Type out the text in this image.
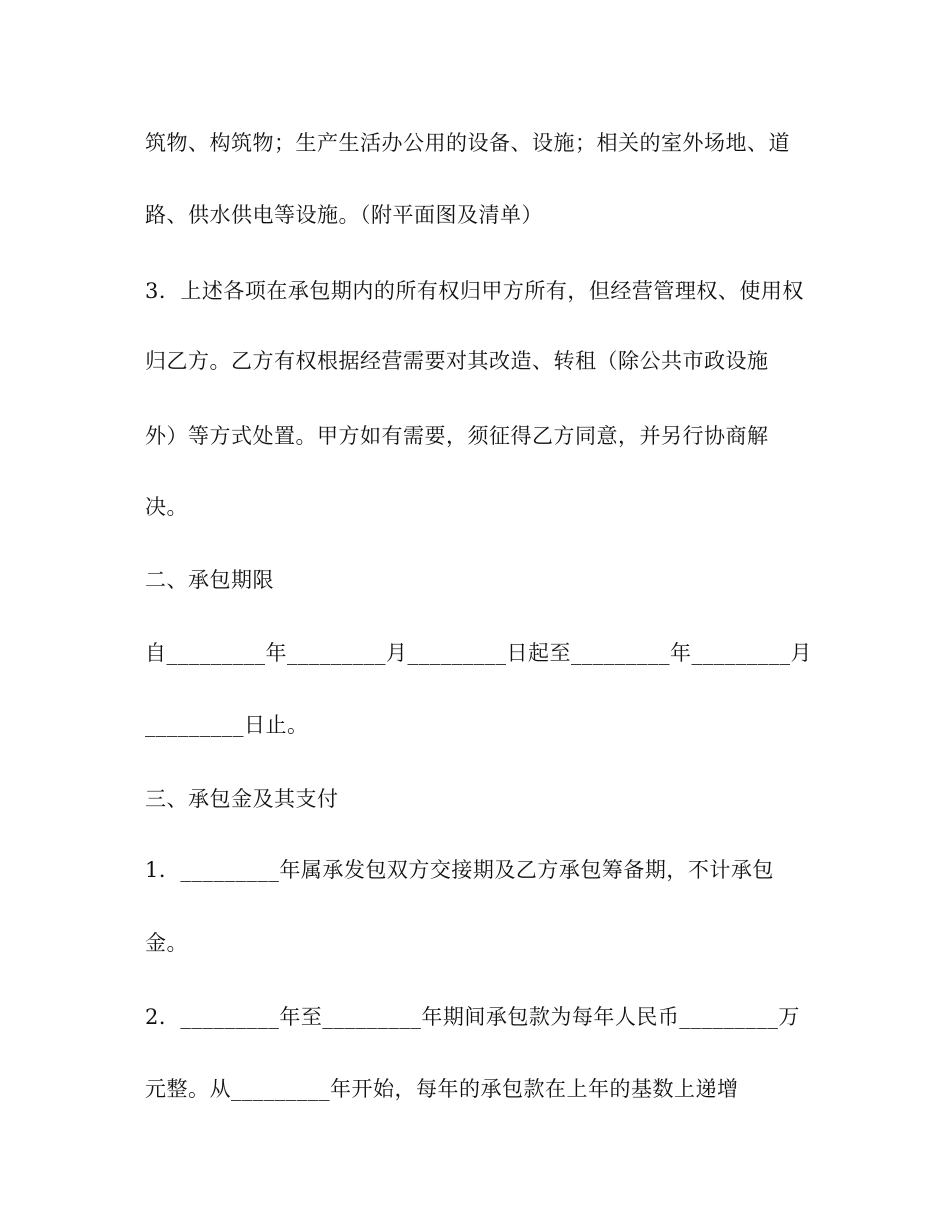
筑物、构筑物；生产生活办公用的设备、设施；相关的室外场地、道
路、供水供电等设施。（附平面图及清单）
3．上述各项在承包期内的所有权归甲方所有，但经营管理权、使用权
归乙方。乙方有权根据经营需要对其改造、转租（除公共市政设施
外）等方式处置。甲方如有需要，须征得乙方同意，并另行协商解
决。
二、承包期限
自_________年_________月_________日起至_________年_________月
_________日止。
三、承包金及其支付
1．_________年属承发包双方交接期及乙方承包筹备期，不计承包
金。
2．_________年至_________年期间承包款为每年人民币_________万
元整。从_________年开始，每年的承包款在上年的基数上递增
